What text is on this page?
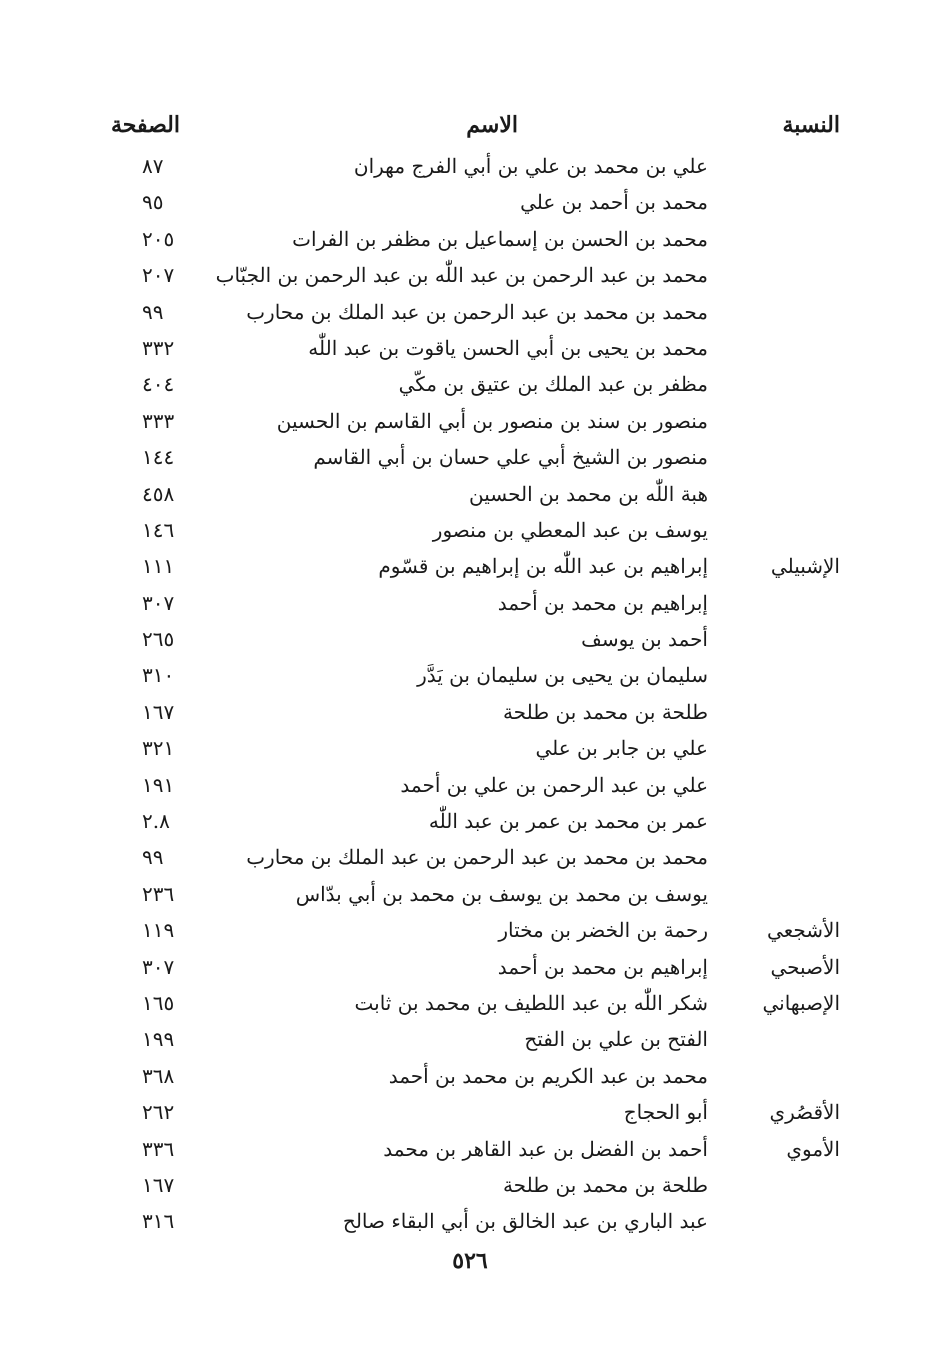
النسبة
الاسم
الصفحة
علي بن محمد بن علي بن أبي الفرج مهران
٨٧
محمد بن أحمد بن علي
٩٥
محمد بن الحسن بن إسماعيل بن مظفر بن الفرات
٢٠٥
محمد بن عبد الرحمن بن عبد اللّٰه بن عبد الرحمن بن الجبّاب
٢٠٧
محمد بن محمد بن عبد الرحمن بن عبد الملك بن محارب
٩٩
محمد بن يحيى بن أبي الحسن ياقوت بن عبد اللّٰه
٣٣٢
مظفر بن عبد الملك بن عتيق بن مكّي
٤٠٤
منصور بن سند بن منصور بن أبي القاسم بن الحسين
٣٣٣
منصور بن الشيخ أبي علي حسان بن أبي القاسم
١٤٤
هبة اللّٰه بن محمد بن الحسين
٤٥٨
يوسف بن عبد المعطي بن منصور
١٤٦
الإشبيلي
إبراهيم بن عبد اللّٰه بن إبراهيم بن قسّوم
١١١
إبراهيم بن محمد بن أحمد
٣٠٧
أحمد بن يوسف
٢٦٥
سليمان بن يحيى بن سليمان بن يَدَّر
٣١٠
طلحة بن محمد بن طلحة
١٦٧
علي بن جابر بن علي
٣٢١
علي بن عبد الرحمن بن علي بن أحمد
١٩١
عمر بن محمد بن عمر بن عبد اللّٰه
٢.٨
محمد بن محمد بن عبد الرحمن بن عبد الملك بن محارب
٩٩
يوسف بن محمد بن يوسف بن محمد بن أبي بدّاس
٢٣٦
الأشجعي
رحمة بن الخضر بن مختار
١١٩
الأصبحي
إبراهيم بن محمد بن أحمد
٣٠٧
الإصبهاني
شكر اللّٰه بن عبد اللطيف بن محمد بن ثابت
١٦٥
الفتح بن علي بن الفتح
١٩٩
محمد بن عبد الكريم بن محمد بن أحمد
٣٦٨
الأقصُري
أبو الحجاج
٢٦٢
الأموي
أحمد بن الفضل بن عبد القاهر بن محمد
٣٣٦
طلحة بن محمد بن طلحة
١٦٧
عبد الباري بن عبد الخالق بن أبي البقاء صالح
٣١٦
٥٢٦
